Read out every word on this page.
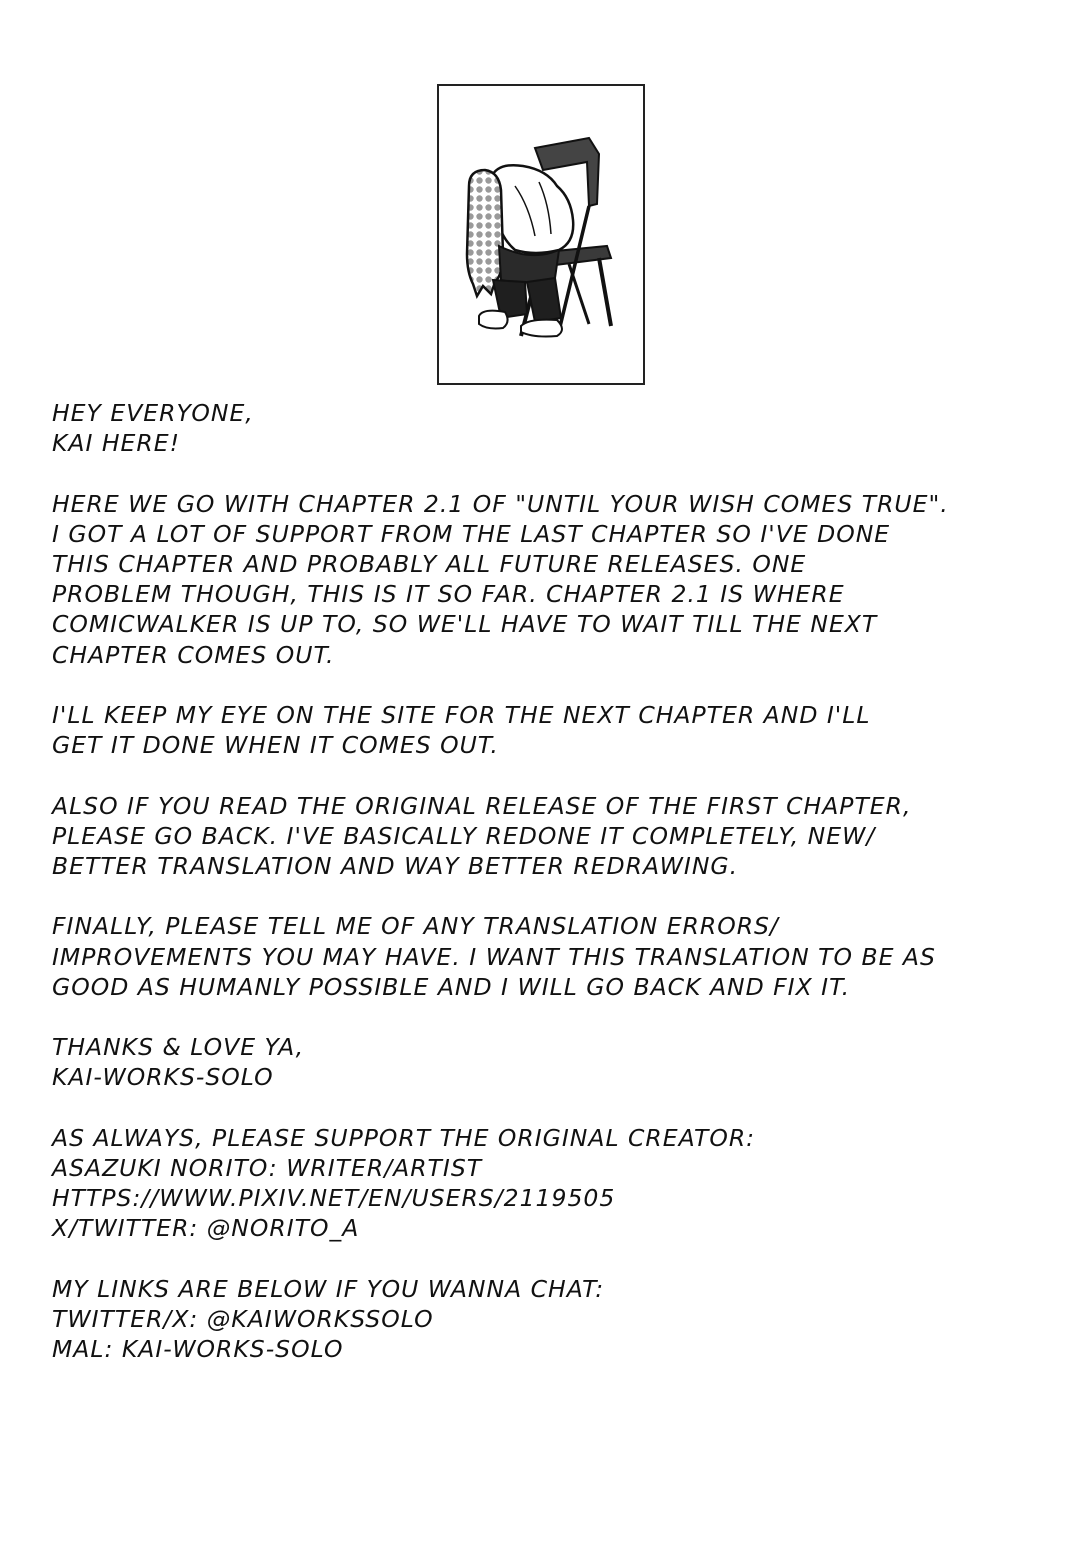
HEY EVERYONE,
KAI HERE!
HERE WE GO WITH CHAPTER 2.1 OF "UNTIL YOUR WISH COMES TRUE".
I GOT A LOT OF SUPPORT FROM THE LAST CHAPTER SO I'VE DONE
THIS CHAPTER AND PROBABLY ALL FUTURE RELEASES. ONE
PROBLEM THOUGH, THIS IS IT SO FAR. CHAPTER 2.1 IS WHERE
COMICWALKER IS UP TO, SO WE'LL HAVE TO WAIT TILL THE NEXT
CHAPTER COMES OUT.
I'LL KEEP MY EYE ON THE SITE FOR THE NEXT CHAPTER AND I'LL
GET IT DONE WHEN IT COMES OUT.
ALSO IF YOU READ THE ORIGINAL RELEASE OF THE FIRST CHAPTER,
PLEASE GO BACK. I'VE BASICALLY REDONE IT COMPLETELY, NEW/
BETTER TRANSLATION AND WAY BETTER REDRAWING.
FINALLY, PLEASE TELL ME OF ANY TRANSLATION ERRORS/
IMPROVEMENTS YOU MAY HAVE. I WANT THIS TRANSLATION TO BE AS
GOOD AS HUMANLY POSSIBLE AND I WILL GO BACK AND FIX IT.
THANKS & LOVE YA,
KAI-WORKS-SOLO
AS ALWAYS, PLEASE SUPPORT THE ORIGINAL CREATOR:
ASAZUKI NORITO: WRITER/ARTIST
HTTPS://WWW.PIXIV.NET/EN/USERS/2119505
X/TWITTER: @NORITO_A
MY LINKS ARE BELOW IF YOU WANNA CHAT:
TWITTER/X: @KAIWORKSSOLO
MAL: KAI-WORKS-SOLO
